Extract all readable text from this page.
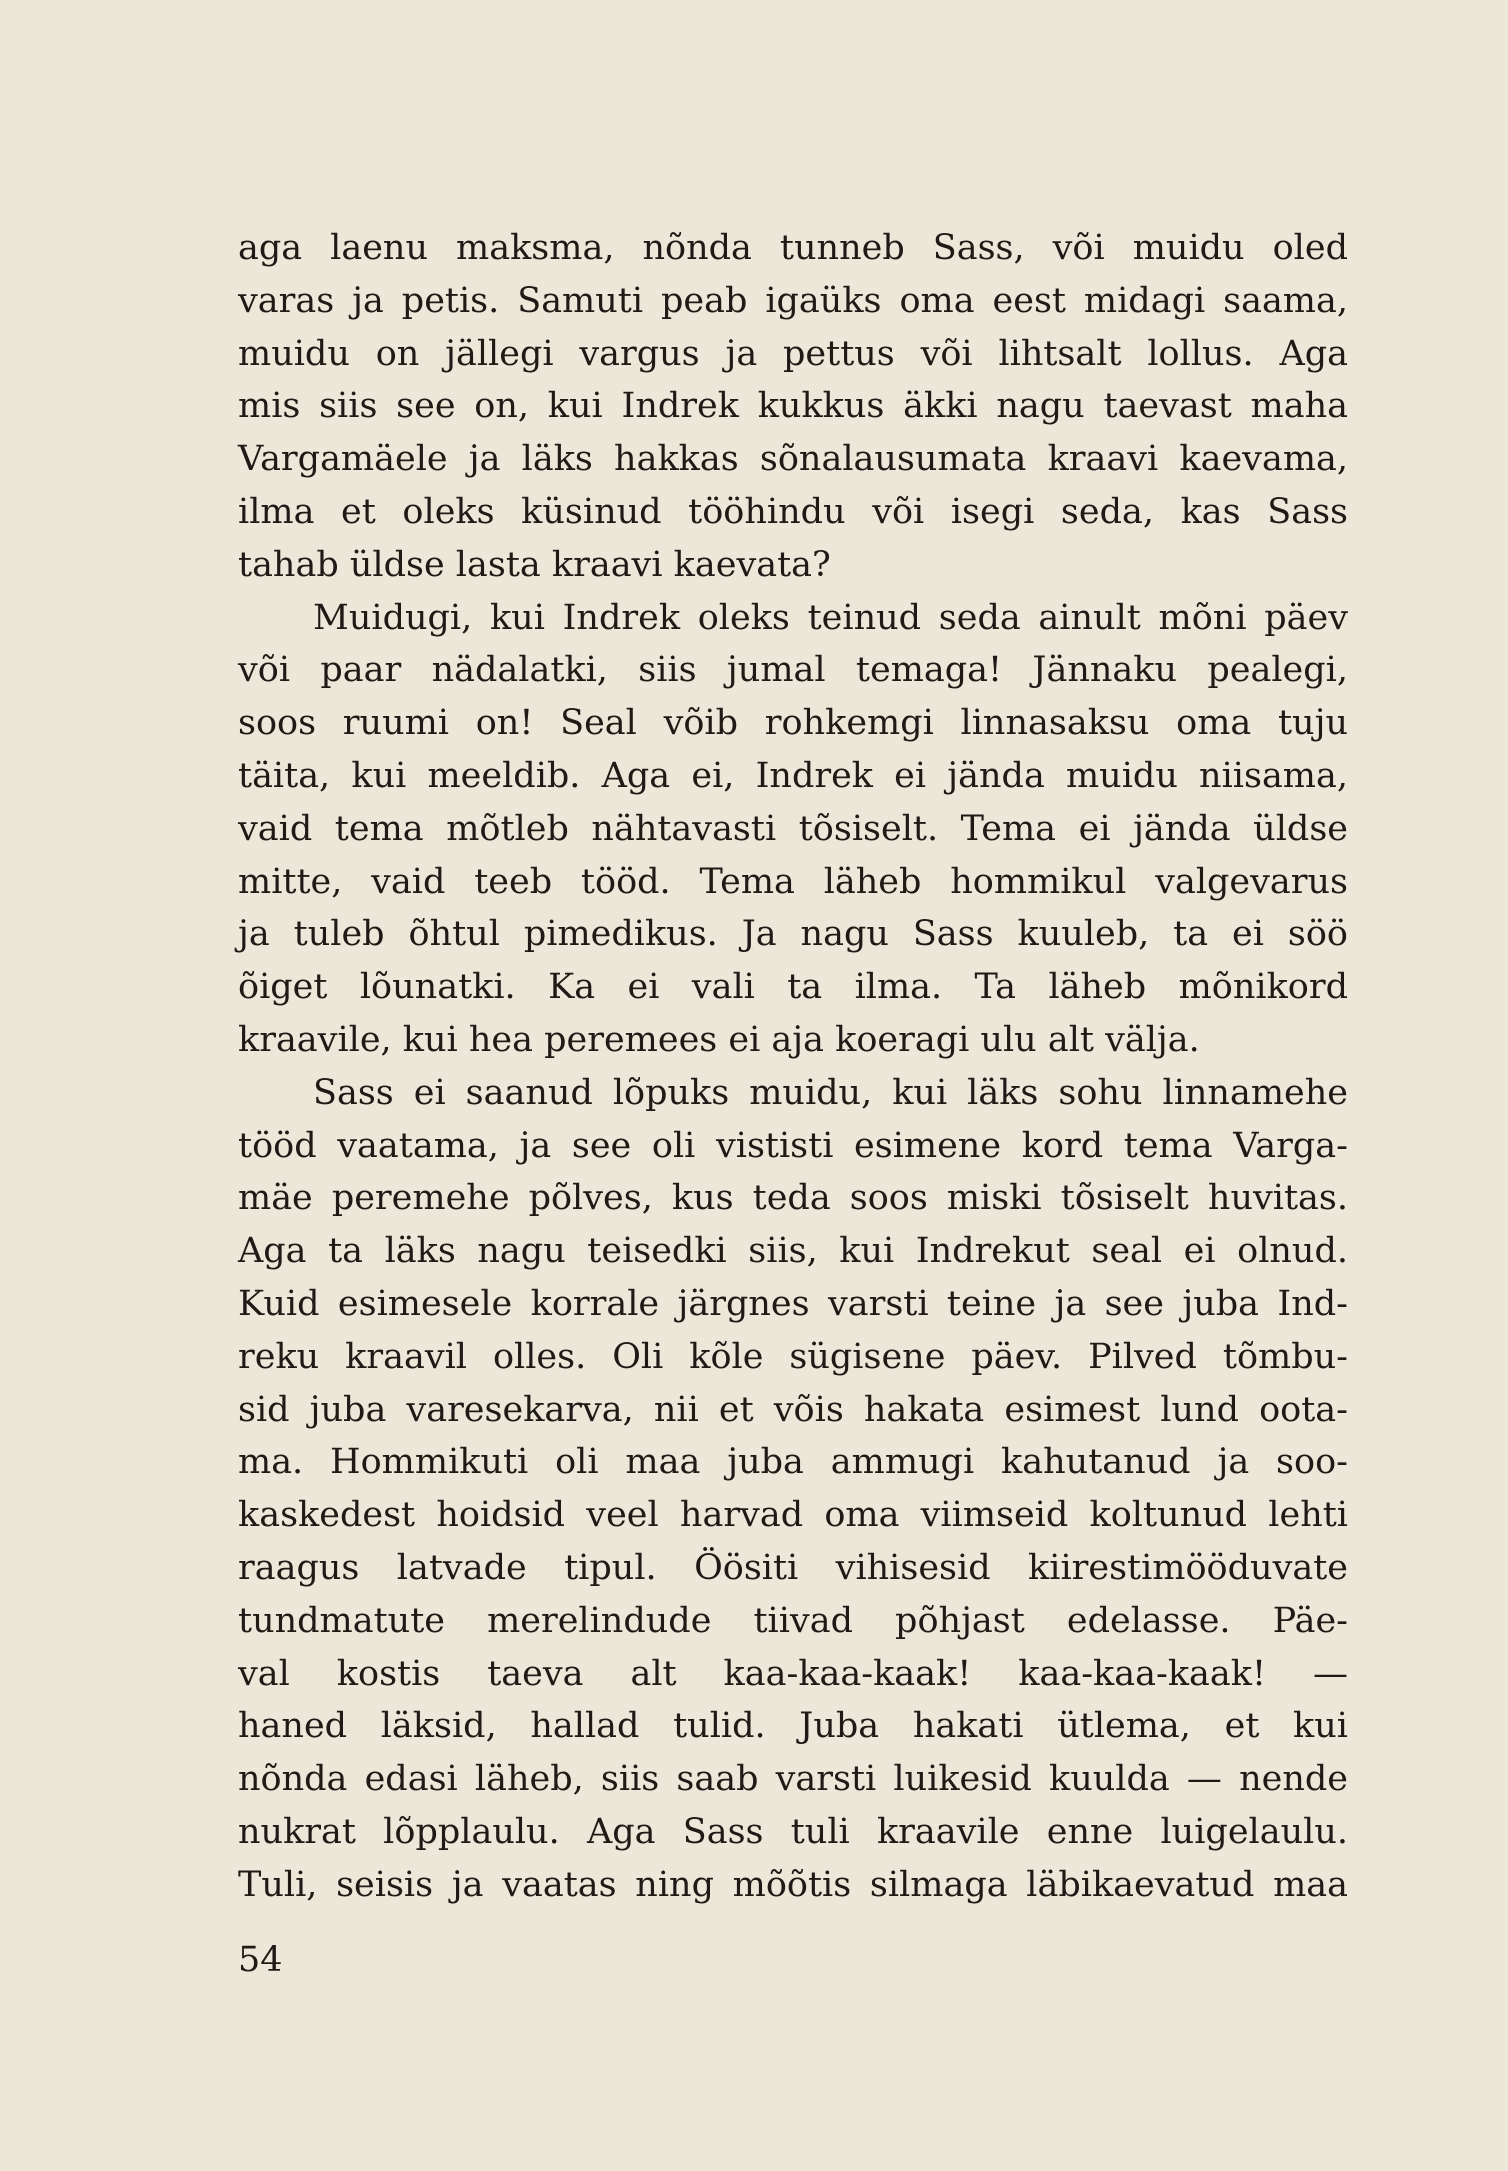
aga laenu maksma, nõnda tunneb Sass, või muidu oled
varas ja petis. Samuti peab igaüks oma eest midagi saama,
muidu on jällegi vargus ja pettus või lihtsalt lollus. Aga
mis siis see on, kui Indrek kukkus äkki nagu taevast maha
Vargamäele ja läks hakkas sõnalausumata kraavi kaevama,
ilma et oleks küsinud tööhindu või isegi seda, kas Sass
tahab üldse lasta kraavi kaevata?
Muidugi, kui Indrek oleks teinud seda ainult mõni päev
või paar nädalatki, siis jumal temaga! Jännaku pealegi,
soos ruumi on! Seal võib rohkemgi linnasaksu oma tuju
täita, kui meeldib. Aga ei, Indrek ei jända muidu niisama,
vaid tema mõtleb nähtavasti tõsiselt. Tema ei jända üldse
mitte, vaid teeb tööd. Tema läheb hommikul valgevarus
ja tuleb õhtul pimedikus. Ja nagu Sass kuuleb, ta ei söö
õiget lõunatki. Ka ei vali ta ilma. Ta läheb mõnikord
kraavile, kui hea peremees ei aja koeragi ulu alt välja.
Sass ei saanud lõpuks muidu, kui läks sohu linnamehe
tööd vaatama, ja see oli vististi esimene kord tema Varga-
mäe peremehe põlves, kus teda soos miski tõsiselt huvitas.
Aga ta läks nagu teisedki siis, kui Indrekut seal ei olnud.
Kuid esimesele korrale järgnes varsti teine ja see juba Ind-
reku kraavil olles. Oli kõle sügisene päev. Pilved tõmbu-
sid juba varesekarva, nii et võis hakata esimest lund oota-
ma. Hommikuti oli maa juba ammugi kahutanud ja soo-
kaskedest hoidsid veel harvad oma viimseid koltunud lehti
raagus latvade tipul. Öösiti vihisesid kiirestimööduvate
tundmatute merelindude tiivad põhjast edelasse. Päe-
val kostis taeva alt kaa-kaa-kaak! kaa-kaa-kaak! —
haned läksid, hallad tulid. Juba hakati ütlema, et kui
nõnda edasi läheb, siis saab varsti luikesid kuulda — nende
nukrat lõpplaulu. Aga Sass tuli kraavile enne luigelaulu.
Tuli, seisis ja vaatas ning mõõtis silmaga läbikaevatud maa
54
